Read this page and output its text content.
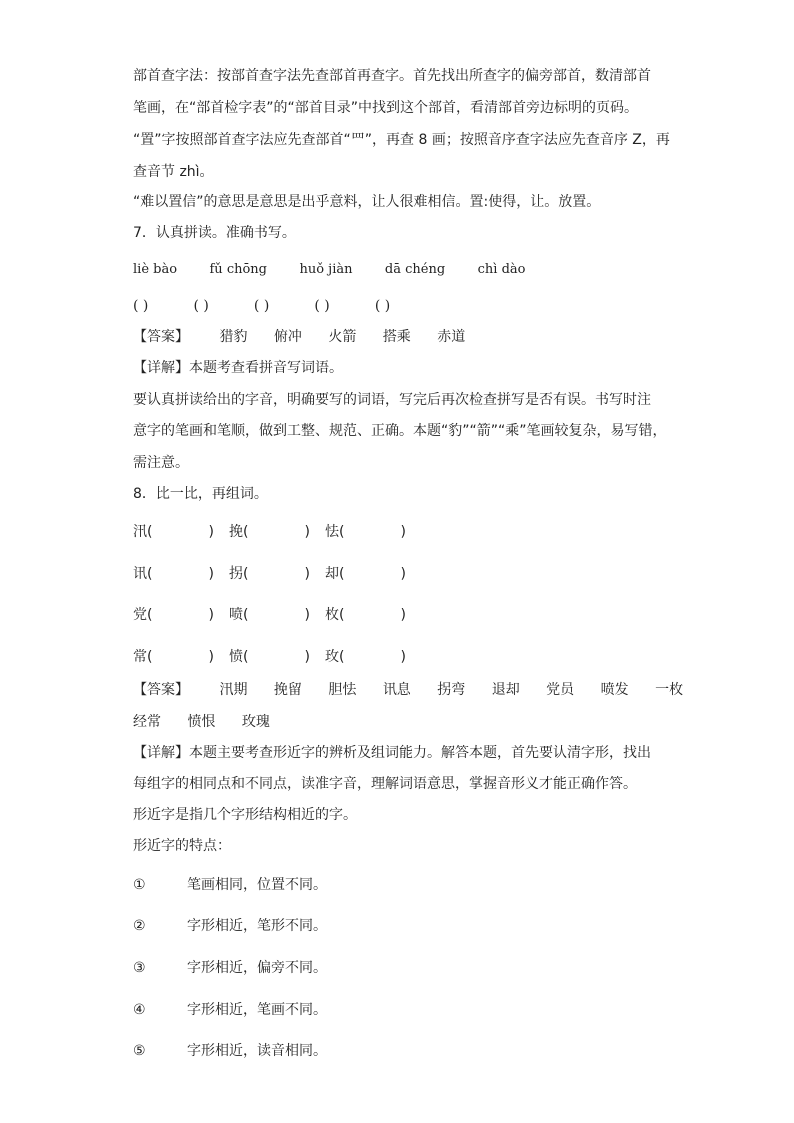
部首查字法：按部首查字法先查部首再查字。首先找出所查字的偏旁部首，数清部首
笔画，在“部首检字表”的“部首目录”中找到这个部首，看清部首旁边标明的页码。
“置”字按照部首查字法应先查部首“罒”，再查 8 画；按照音序查字法应先查音序 Z，再
查音节 zhì。
“难以置信”的意思是意思是出乎意料，让人很难相信。置:使得，让。放置。
7．认真拼读。准确书写。
liè bào fǔ chōng huǒ jiàn dā chéng chì dào
( )	( )	( )	( )	( )
【答案】 猎豹 俯冲 火箭 搭乘 赤道
【详解】本题考查看拼音写词语。
要认真拼读给出的字音，明确要写的词语，写完后再次检查拼写是否有误。书写时注
意字的笔画和笔顺，做到工整、规范、正确。本题“豹”“箭”“乘”笔画较复杂，易写错，
需注意。
8．比一比，再组词。
汛(	) 挽(	) 怯(	)
讯(	) 拐(	) 却(	)
党(	) 喷(	) 枚(	)
常(	) 愤(	) 玫(	)
【答案】 汛期 挽留 胆怯 讯息 拐弯 退却 党员 喷发 一枚
经常 愤恨 玫瑰
【详解】本题主要考查形近字的辨析及组词能力。解答本题，首先要认清字形，找出
每组字的相同点和不同点，读准字音，理解词语意思，掌握音形义才能正确作答。
形近字是指几个字形结构相近的字。
形近字的特点：
①	笔画相同，位置不同。
②	字形相近，笔形不同。
③	字形相近，偏旁不同。
④	字形相近，笔画不同。
⑤	字形相近，读音相同。
